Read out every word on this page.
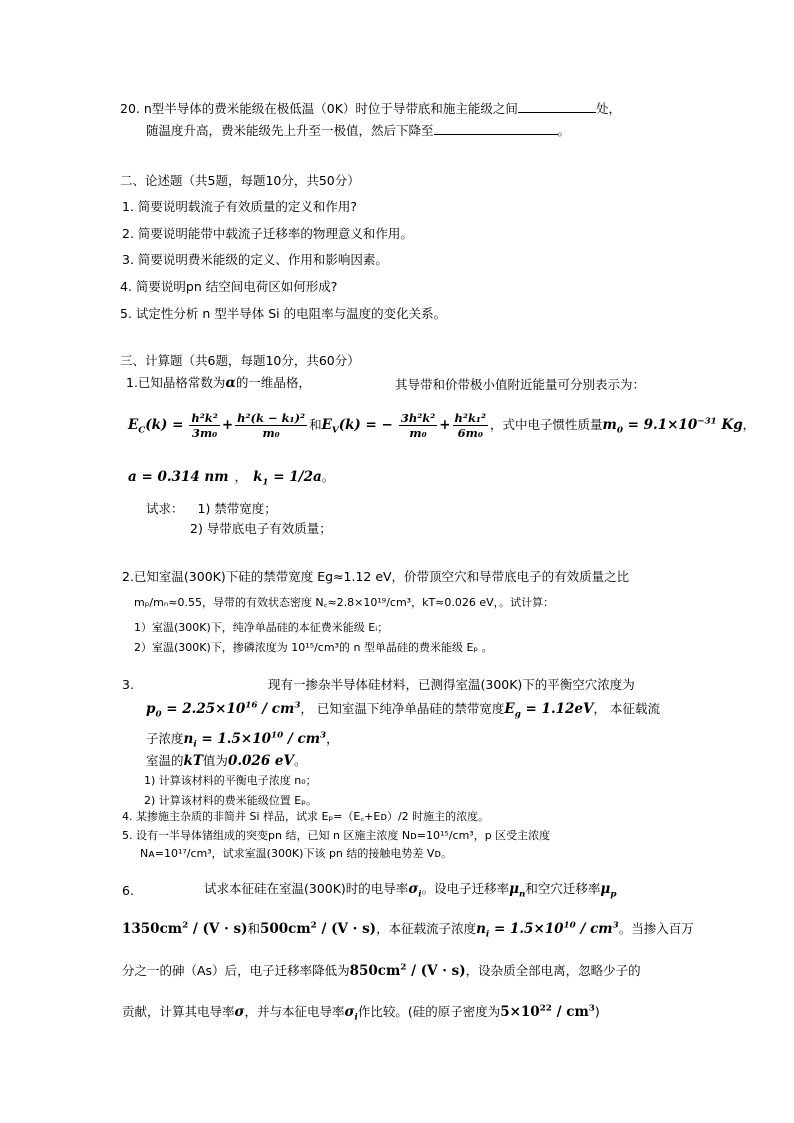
20. n型半导体的费米能级在极低温（0K）时位于导带底和施主能级之间	处，
随温度升高，费米能级先上升至一极值，然后下降至	。
二、论述题（共5题，每题10分，共50分）
1. 简要说明载流子有效质量的定义和作用?
2. 简要说明能带中载流子迁移率的物理意义和作用。
3. 简要说明费米能级的定义、作用和影响因素。
4. 简要说明pn 结空间电荷区如何形成?
5. 试定性分析 n 型半导体 Si 的电阻率与温度的变化关系。
三、计算题（共6题，每题10分，共60分）
1.已知晶格常数为α的一维晶格，	其导带和价带极小值附近能量可分别表示为：
$E_C(k) = \frac{\text{h²k²}}{\text{3m₀}} + \frac{\text{h²(k − k₁)²}}{\text{m₀}}$ 和$E_V(k)$ = − $\frac{\text{3h²k²}}{\text{m₀}} + \frac{\text{h²k₁²}}{\text{6m₀}}$ ，式中电子惯性质量$m_0 = 9.1\times 10^{-31}$ Kg，
a = 0.314 nm ， $k_1 = 1/2a$。
试求： 1) 禁带宽度；
2) 导带底电子有效质量；
2.已知室温(300K)下硅的禁带宽度 Eg≈1.12 eV，价带顶空穴和导带底电子的有效质量之比
mₚ/mₙ≈0.55，导带的有效状态密度 N꜀≈2.8×10¹⁹/cm³，kT≈0.026 eV，。试计算：
1）室温(300K)下，纯净单晶硅的本征费米能级 Eᵢ；
2）室温(300K)下，掺磷浓度为 10¹⁵/cm³的 n 型单晶硅的费米能级 Eₚ 。
3.	现有一掺杂半导体硅材料，已测得室温(300K)下的平衡空穴浓度为
$p_0 = 2.25\times 10^{16} / cm^3$， 已知室温下纯净单晶硅的禁带宽度$E_g = 1.12eV$， 本征载流
子浓度$n_i = 1.5\times 10^{10} / cm^3$，
室温的kT值为0.026 eV。
1) 计算该材料的平衡电子浓度 n₀；
2) 计算该材料的费米能级位置 Eₚ。
4. 某掺施主杂质的非简并 Si 样品，试求 Eₚ=（E꜀+Eᴅ）/2 时施主的浓度。
5. 设有一半导体锗组成的突变pn 结，已知 n 区施主浓度 Nᴅ=10¹⁵/cm³，p 区受主浓度
Nᴀ=10¹⁷/cm³，试求室温(300K)下该 pn 结的接触电势差 Vᴅ。
6.	试求本征硅在室温(300K)时的电导率$\sigma_i$。设电子迁移率$\mu_n$和空穴迁移率$\mu_p$
$1350cm^2 / (V \cdot s)$和$500cm^2 / (V \cdot s)$，本征载流子浓度$n_i = 1.5\times 10^{10} / cm^3$。当掺入百万
分之一的砷（As）后，电子迁移率降低为$850cm^2 / (V \cdot s)$，设杂质全部电离，忽略少子的
贡献，计算其电导率σ，并与本征电导率$\sigma_i$作比较。(硅的原子密度为$5\times 10^{22} / cm^3$)
